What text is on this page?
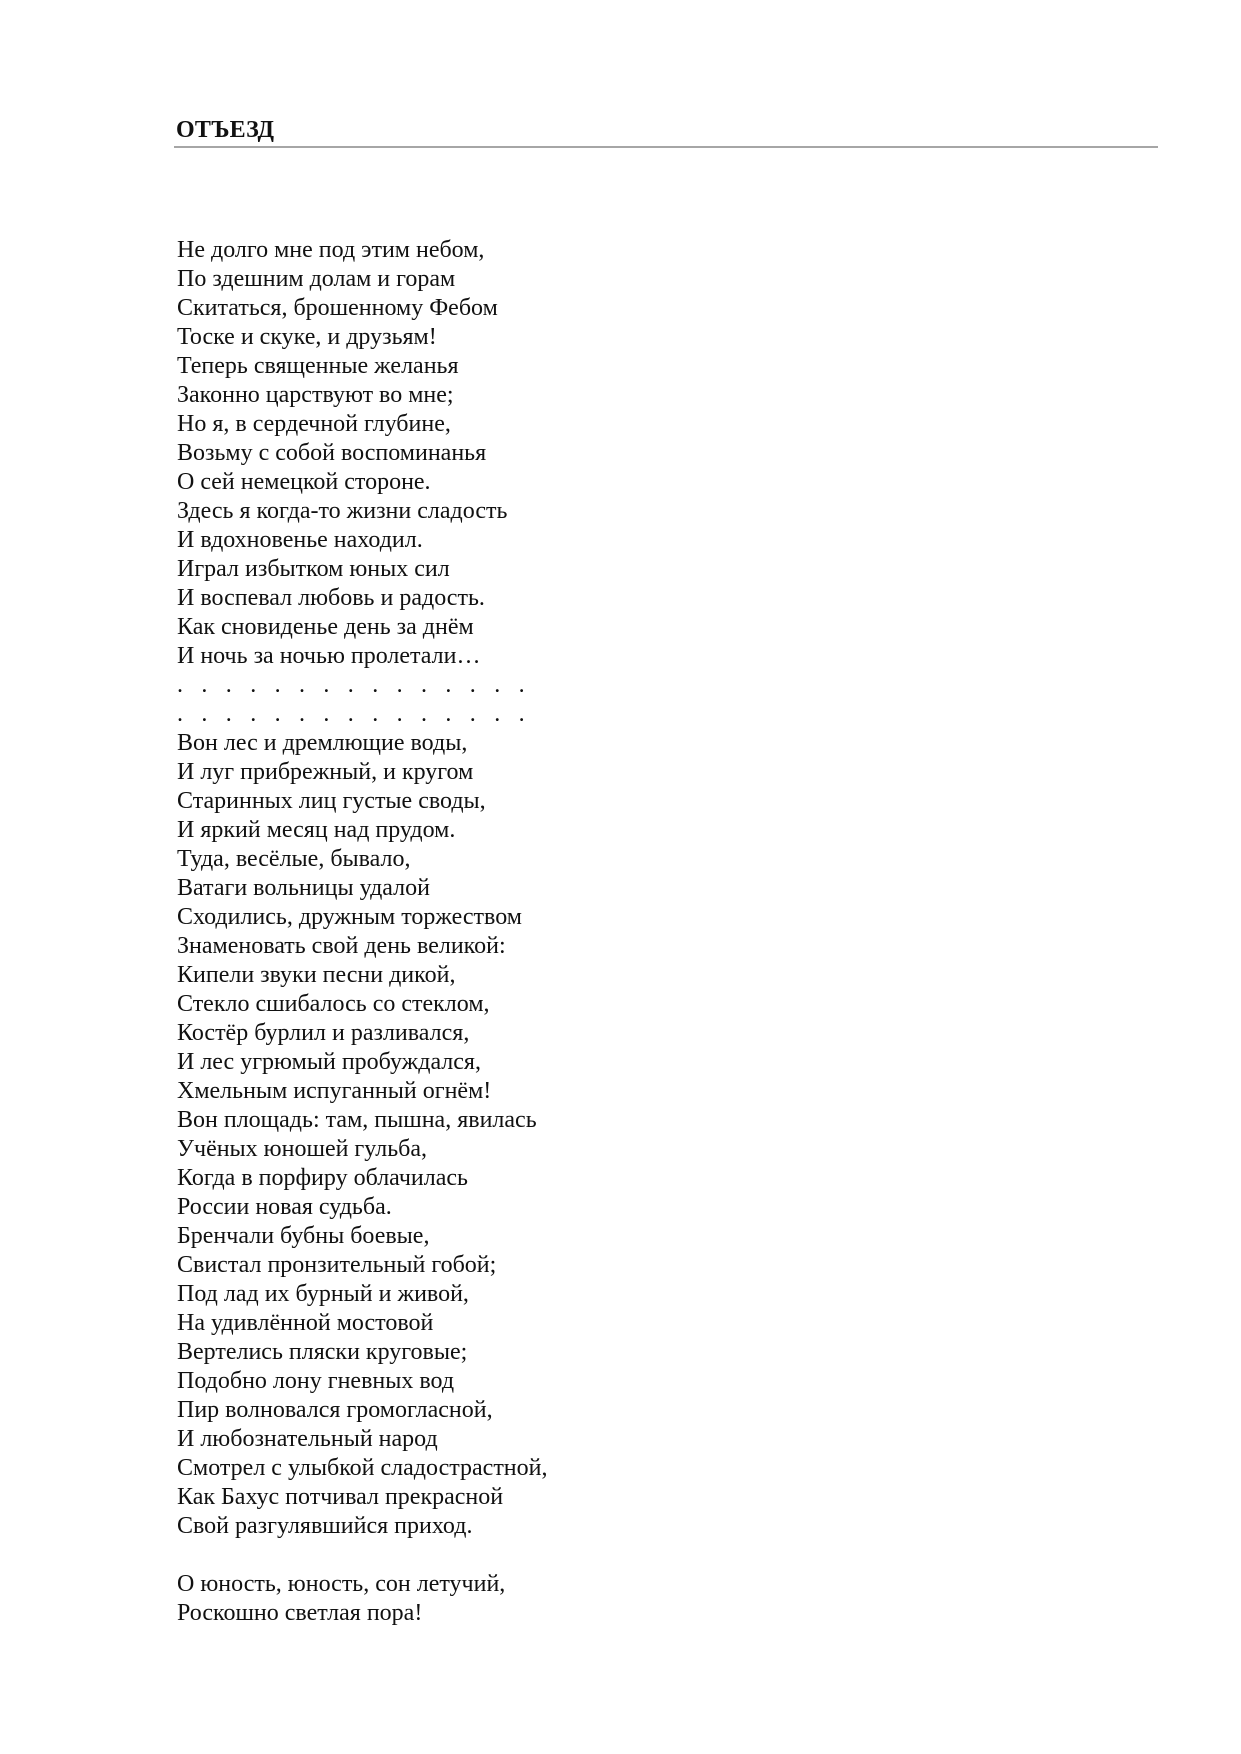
ОТЪЕЗД
Не долго мне под этим небом,
По здешним долам и горам
Скитаться, брошенному Фебом
Тоске и скуке, и друзьям!
Теперь священные желанья
Законно царствуют во мне;
Но я, в сердечной глубине,
Возьму с собой воспоминанья
О сей немецкой стороне.
Здесь я когда-то жизни сладость
И вдохновенье находил.
Играл избытком юных сил
И воспевал любовь и радость.
Как сновиденье день за днём
И ночь за ночью пролетали…
. . . . . . . . . . . . . . .
. . . . . . . . . . . . . . .
Вон лес и дремлющие воды,
И луг прибрежный, и кругом
Старинных лиц густые своды,
И яркий месяц над прудом.
Туда, весёлые, бывало,
Ватаги вольницы удалой
Сходились, дружным торжеством
Знаменовать свой день великой:
Кипели звуки песни дикой,
Стекло сшибалось со стеклом,
Костёр бурлил и разливался,
И лес угрюмый пробуждался,
Хмельным испуганный огнём!
Вон площадь: там, пышна, явилась
Учёных юношей гульба,
Когда в порфиру облачилась
России новая судьба.
Бренчали бубны боевые,
Свистал пронзительный гобой;
Под лад их бурный и живой,
На удивлённой мостовой
Вертелись пляски круговые;
Подобно лону гневных вод
Пир волновался громогласной,
И любознательный народ
Смотрел с улыбкой сладострастной,
Как Бахус потчивал прекрасной
Свой разгулявшийся приход.
О юность, юность, сон летучий,
Роскошно светлая пора!
